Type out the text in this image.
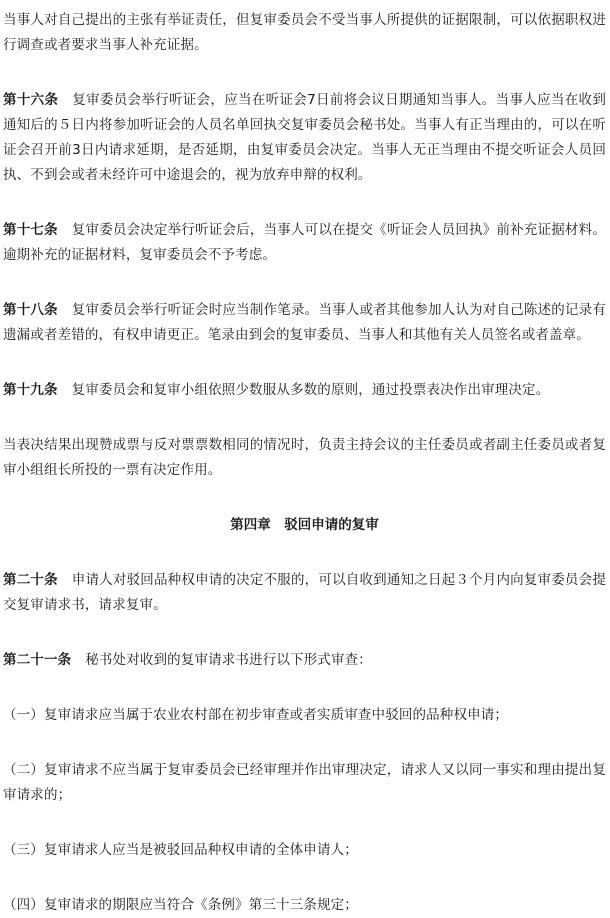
当事人对自己提出的主张有举证责任，但复审委员会不受当事人所提供的证据限制，可以依据职权进行调查或者要求当事人补充证据。

第十六条 复审委员会举行听证会，应当在听证会7日前将会议日期通知当事人。当事人应当在收到通知后的５日内将参加听证会的人员名单回执交复审委员会秘书处。当事人有正当理由的，可以在听证会召开前3日内请求延期，是否延期，由复审委员会决定。当事人无正当理由不提交听证会人员回执、不到会或者未经许可中途退会的，视为放弃申辩的权利。

第十七条 复审委员会决定举行听证会后，当事人可以在提交《听证会人员回执》前补充证据材料。逾期补充的证据材料，复审委员会不予考虑。

第十八条 复审委员会举行听证会时应当制作笔录。当事人或者其他参加人认为对自己陈述的记录有遗漏或者差错的，有权申请更正。笔录由到会的复审委员、当事人和其他有关人员签名或者盖章。

第十九条 复审委员会和复审小组依照少数服从多数的原则，通过投票表决作出审理决定。

当表决结果出现赞成票与反对票票数相同的情况时，负责主持会议的主任委员或者副主任委员或者复审小组组长所投的一票有决定作用。

第四章　驳回申请的复审

第二十条 申请人对驳回品种权申请的决定不服的，可以自收到通知之日起３个月内向复审委员会提交复审请求书，请求复审。

第二十一条 秘书处对收到的复审请求书进行以下形式审查：

（一）复审请求应当属于农业农村部在初步审查或者实质审查中驳回的品种权申请；

（二）复审请求不应当属于复审委员会已经审理并作出审理决定，请求人又以同一事实和理由提出复审请求的；

（三）复审请求人应当是被驳回品种权申请的全体申请人；

（四）复审请求的期限应当符合《条例》第三十三条规定；
